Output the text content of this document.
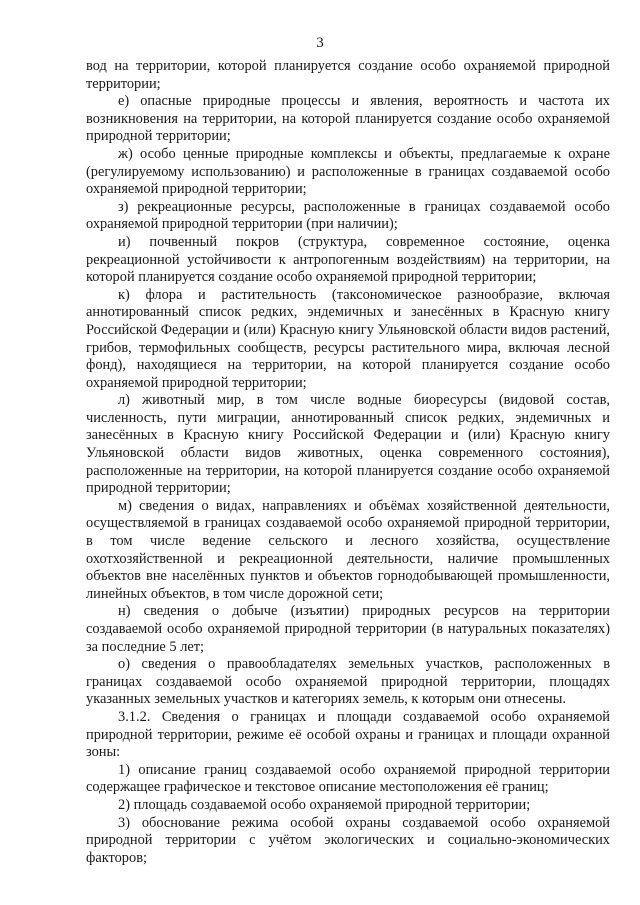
3

вод на территории, которой планируется создание особо охраняемой природной территории;

е) опасные природные процессы и явления, вероятность и частота их возникновения на территории, на которой планируется создание особо охраняемой природной территории;

ж) особо ценные природные комплексы и объекты, предлагаемые к охране (регулируемому использованию) и расположенные в границах создаваемой особо охраняемой природной территории;

з) рекреационные ресурсы, расположенные в границах создаваемой особо охраняемой природной территории (при наличии);

и) почвенный покров (структура, современное состояние, оценка рекреационной устойчивости к антропогенным воздействиям) на территории, на которой планируется создание особо охраняемой природной территории;

к) флора и растительность (таксономическое разнообразие, включая аннотированный список редких, эндемичных и занесённых в Красную книгу Российской Федерации и (или) Красную книгу Ульяновской области видов растений, грибов, термофильных сообществ, ресурсы растительного мира, включая лесной фонд), находящиеся на территории, на которой планируется создание особо охраняемой природной территории;

л) животный мир, в том числе водные биоресурсы (видовой состав, численность, пути миграции, аннотированный список редких, эндемичных и занесённых в Красную книгу Российской Федерации и (или) Красную книгу Ульяновской области видов животных, оценка современного состояния), расположенные на территории, на которой планируется создание особо охраняемой природной территории;

м) сведения о видах, направлениях и объёмах хозяйственной деятельности, осуществляемой в границах создаваемой особо охраняемой природной территории, в том числе ведение сельского и лесного хозяйства, осуществление охотхозяйственной и рекреационной деятельности, наличие промышленных объектов вне населённых пунктов и объектов горнодобывающей промышленности, линейных объектов, в том числе дорожной сети;

н) сведения о добыче (изъятии) природных ресурсов на территории создаваемой особо охраняемой природной территории (в натуральных показателях) за последние 5 лет;

о) сведения о правообладателях земельных участков, расположенных в границах создаваемой особо охраняемой природной территории, площадях указанных земельных участков и категориях земель, к которым они отнесены.

3.1.2. Сведения о границах и площади создаваемой особо охраняемой природной территории, режиме её особой охраны и границах и площади охранной зоны:

1) описание границ создаваемой особо охраняемой природной территории содержащее графическое и текстовое описание местоположения её границ;

2) площадь создаваемой особо охраняемой природной территории;

3) обоснование режима особой охраны создаваемой особо охраняемой природной территории с учётом экологических и социально-экономических факторов;
